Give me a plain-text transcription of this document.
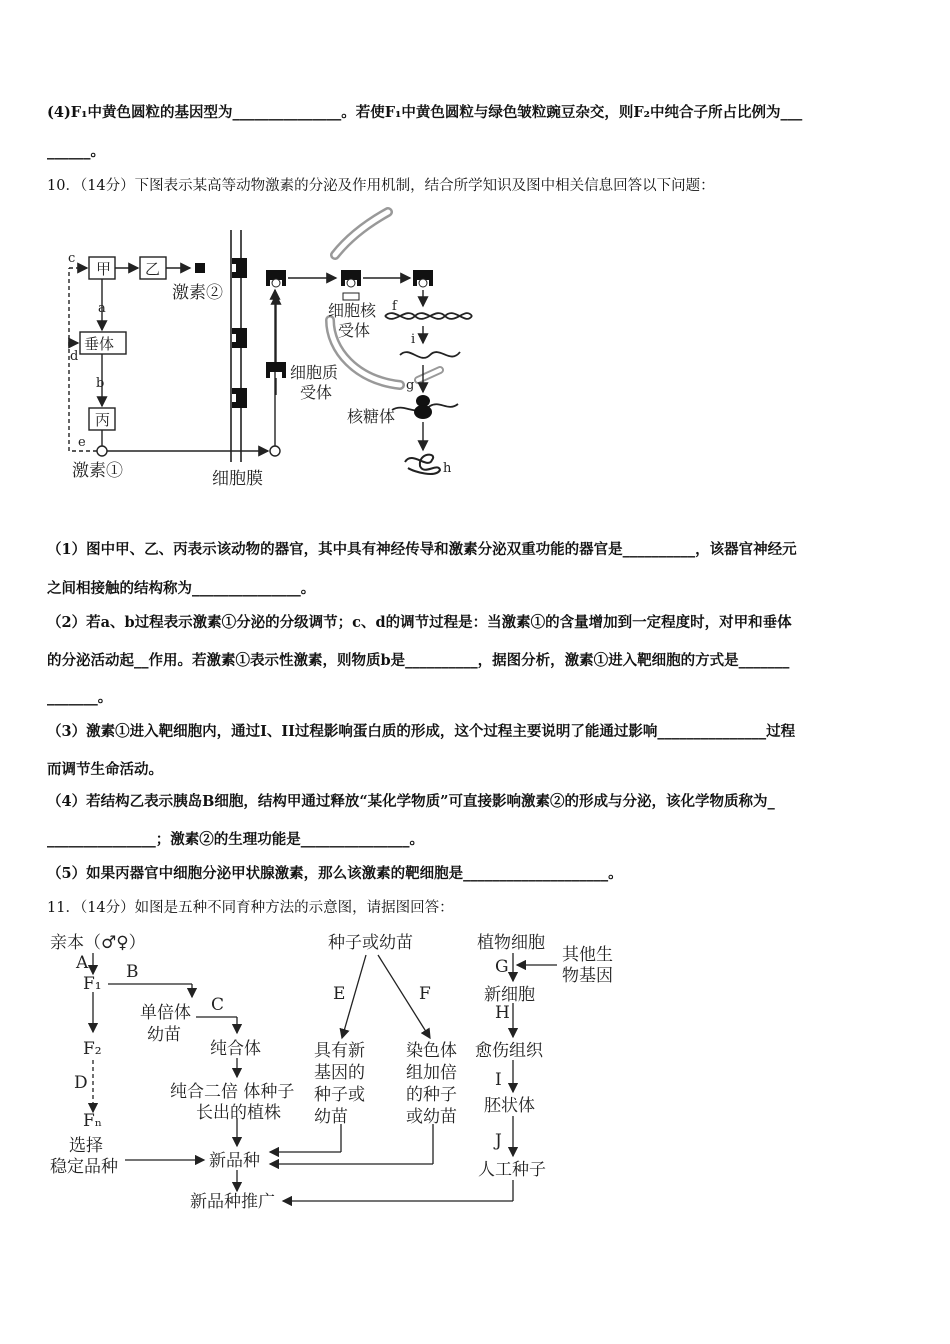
(4)F₁中黄色圆粒的基因型为_______________。若使F₁中黄色圆粒与绿色皱粒豌豆杂交，则F₂中纯合子所占比例为___
______。
10．（14分）下图表示某高等动物激素的分泌及作用机制，结合所学知识及图中相关信息回答以下问题：
甲 乙
垂体
丙
a
b
c
d
e
激素①
激素②
细胞膜
细胞质
受体
细胞核
受体
核糖体
f
i
g
h
（1）图中甲、乙、丙表示该动物的器官，其中具有神经传导和激素分泌双重功能的器官是__________，该器官神经元
之间相接触的结构称为_______________。
（2）若a、b过程表示激素①分泌的分级调节；c、d的调节过程是：当激素①的含量增加到一定程度时，对甲和垂体
的分泌活动起__作用。若激素①表示性激素，则物质b是__________，据图分析，激素①进入靶细胞的方式是_______
_______。
（3）激素①进入靶细胞内，通过I、II过程影响蛋白质的形成，这个过程主要说明了能通过影响_______________过程
而调节生命活动。
（4）若结构乙表示胰岛B细胞，结构甲通过释放“某化学物质”可直接影响激素②的形成与分泌，该化学物质称为_
_______________；激素②的生理功能是_______________。
（5）如果丙器官中细胞分泌甲状腺激素，那么该激素的靶细胞是____________________。
11．（14分）如图是五种不同育种方法的示意图，请据图回答：
亲本（♂♀）
F₁
F₂
Fₙ
A B
C
D
E	F
G
H
I
J
单倍体
幼苗
纯合体
纯合二倍 体种子
长出的植株
选择
稳定品种
种子或幼苗
具有新
基因的
种子或
幼苗
染色体
组加倍
的种子
或幼苗
植物细胞
其他生
物基因
新细胞
愈伤组织
胚状体
人工种子
新品种
新品种推广
